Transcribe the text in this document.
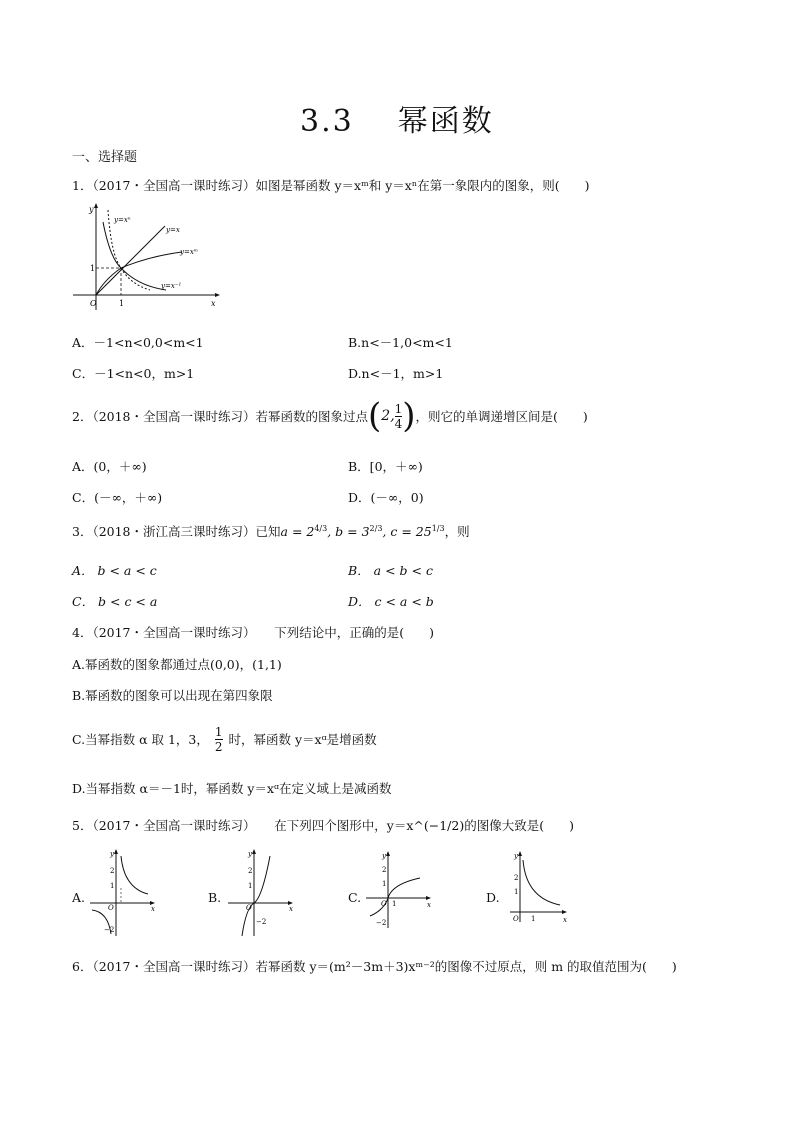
3.3 幂函数
一、选择题
1．（2017・全国高一课时练习）如图是幂函数 y＝xᵐ和 y＝xⁿ在第一象限内的图象，则(　　)
y
x
O	1
1
y=xⁿ
y=x
y=xᵐ
y=x⁻¹
A．－1<n<0,0<m<1	B.n<－1,0<m<1
C．－1<n<0，m>1	D.n<－1，m>1
2．（2018・全国高一课时练习）若幂函数的图象过点 ( 2, $\frac{1}{4}$ ) ，则它的单调递增区间是(　　)
A．(0，＋∞)	B．[0，＋∞)
C．(－∞，＋∞)	D．(－∞，0)
3．（2018・浙江高三课时练习）已知$a = 2^{4/3}$, $b = 3^{2/3}$, $c = 25^{1/3}$，则
A． b < a < c	B． a < b < c
C． b < c < a	D． c < a < b
4．（2017・全国高一课时练习）　　下列结论中，正确的是(　　)
A.幂函数的图象都通过点(0,0)，(1,1)
B.幂函数的图象可以出现在第四象限
C.当幂指数 α 取 1，3， $\frac{1}{2}$ 时，幂函数 y＝xᵅ是增函数
D.当幂指数 α＝－1时，幂函数 y＝xᵅ在定义域上是减函数
5．（2017・全国高一课时练习）　　在下列四个图形中，y＝x^(−1/2)的图像大致是(　　)
A.
y
x
O
2
1
−2
B.
y
x
O
2
1
−2
C.
y
x
O
2
1
1
−2
D.
y
x
O
2
1
1
6．（2017・全国高一课时练习）若幂函数 y＝(m²－3m＋3)xᵐ⁻²的图像不过原点，则 m 的取值范围为(　　)
